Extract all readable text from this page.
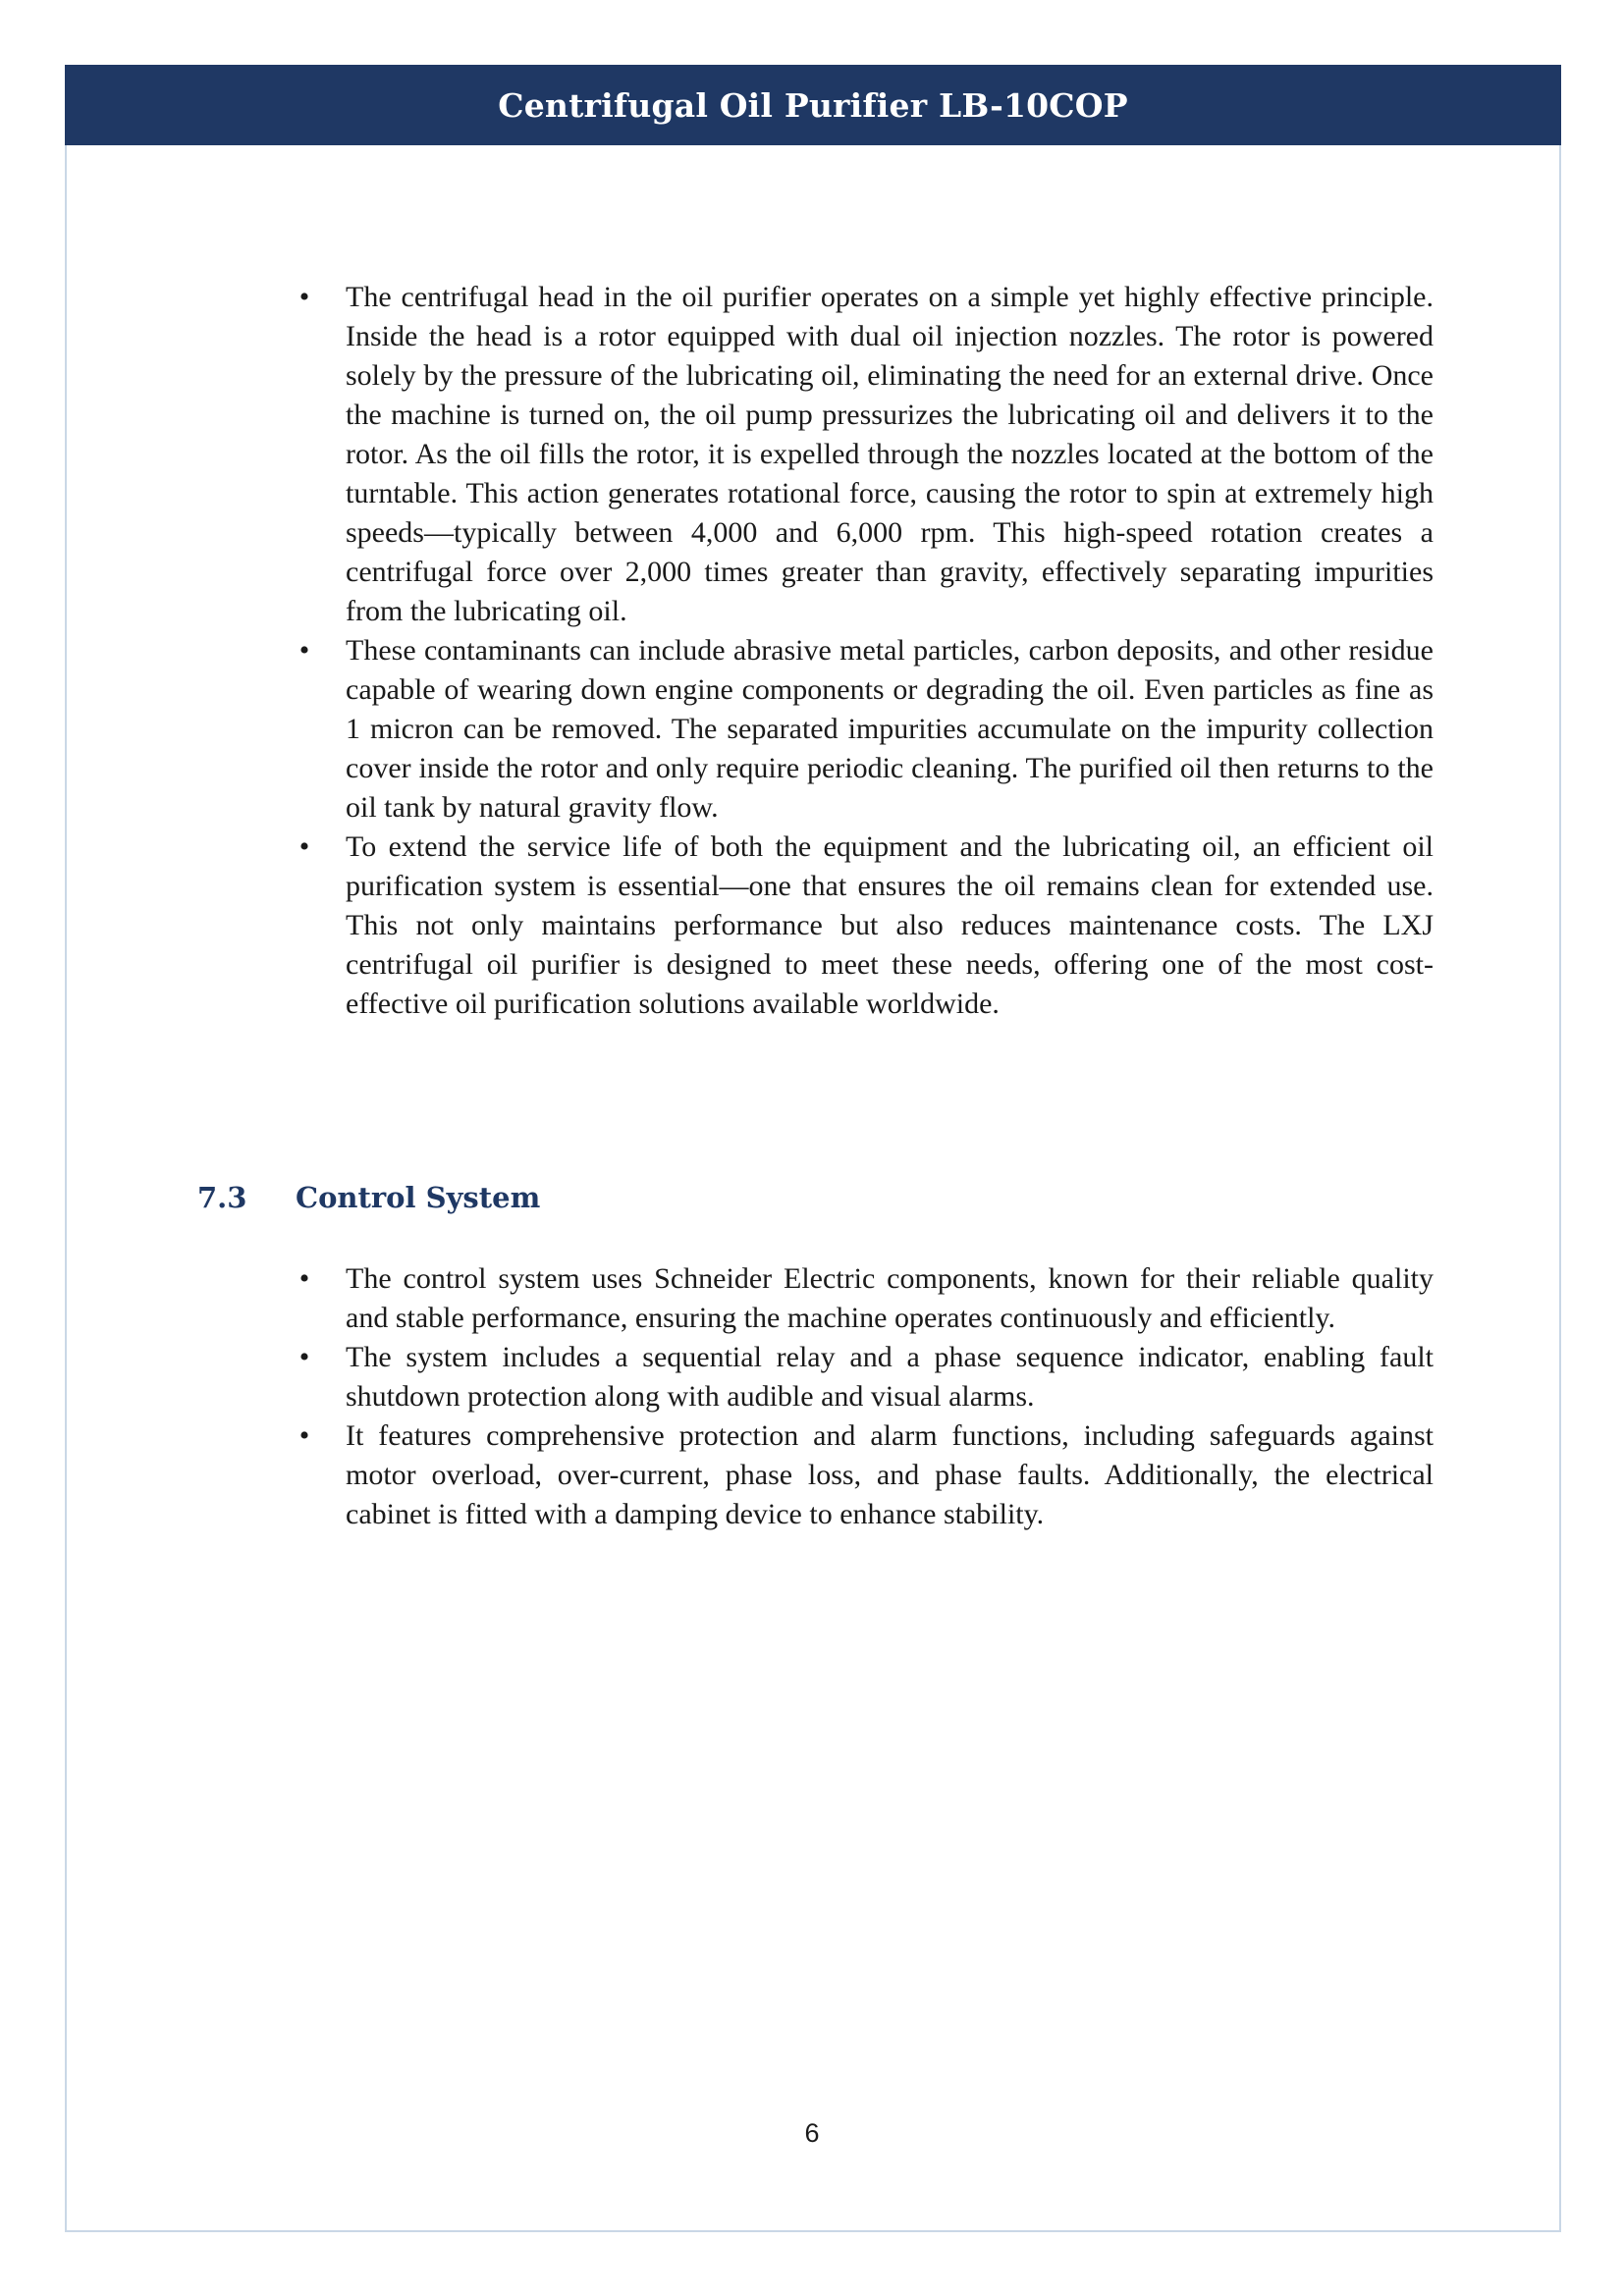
Centrifugal Oil Purifier LB-10COP
• The centrifugal head in the oil purifier operates on a simple yet highly effective principle. Inside the head is a rotor equipped with dual oil injection nozzles. The rotor is powered solely by the pressure of the lubricating oil, eliminating the need for an external drive. Once the machine is turned on, the oil pump pressurizes the lubricating oil and delivers it to the rotor. As the oil fills the rotor, it is expelled through the nozzles located at the bottom of the turntable. This action generates rotational force, causing the rotor to spin at extremely high speeds—typically between 4,000 and 6,000 rpm. This high-speed rotation creates a centrifugal force over 2,000 times greater than gravity, effectively separating impurities from the lubricating oil.
• These contaminants can include abrasive metal particles, carbon deposits, and other residue capable of wearing down engine components or degrading the oil. Even particles as fine as 1 micron can be removed. The separated impurities accumulate on the impurity collection cover inside the rotor and only require periodic cleaning. The purified oil then returns to the oil tank by natural gravity flow.
• To extend the service life of both the equipment and the lubricating oil, an efficient oil purification system is essential—one that ensures the oil remains clean for extended use. This not only maintains performance but also reduces maintenance costs. The LXJ centrifugal oil purifier is designed to meet these needs, offering one of the most cost-effective oil purification solutions available worldwide.
7.3	Control System
• The control system uses Schneider Electric components, known for their reliable quality and stable performance, ensuring the machine operates continuously and efficiently.
• The system includes a sequential relay and a phase sequence indicator, enabling fault shutdown protection along with audible and visual alarms.
• It features comprehensive protection and alarm functions, including safeguards against motor overload, over-current, phase loss, and phase faults. Additionally, the electrical cabinet is fitted with a damping device to enhance stability.
6
